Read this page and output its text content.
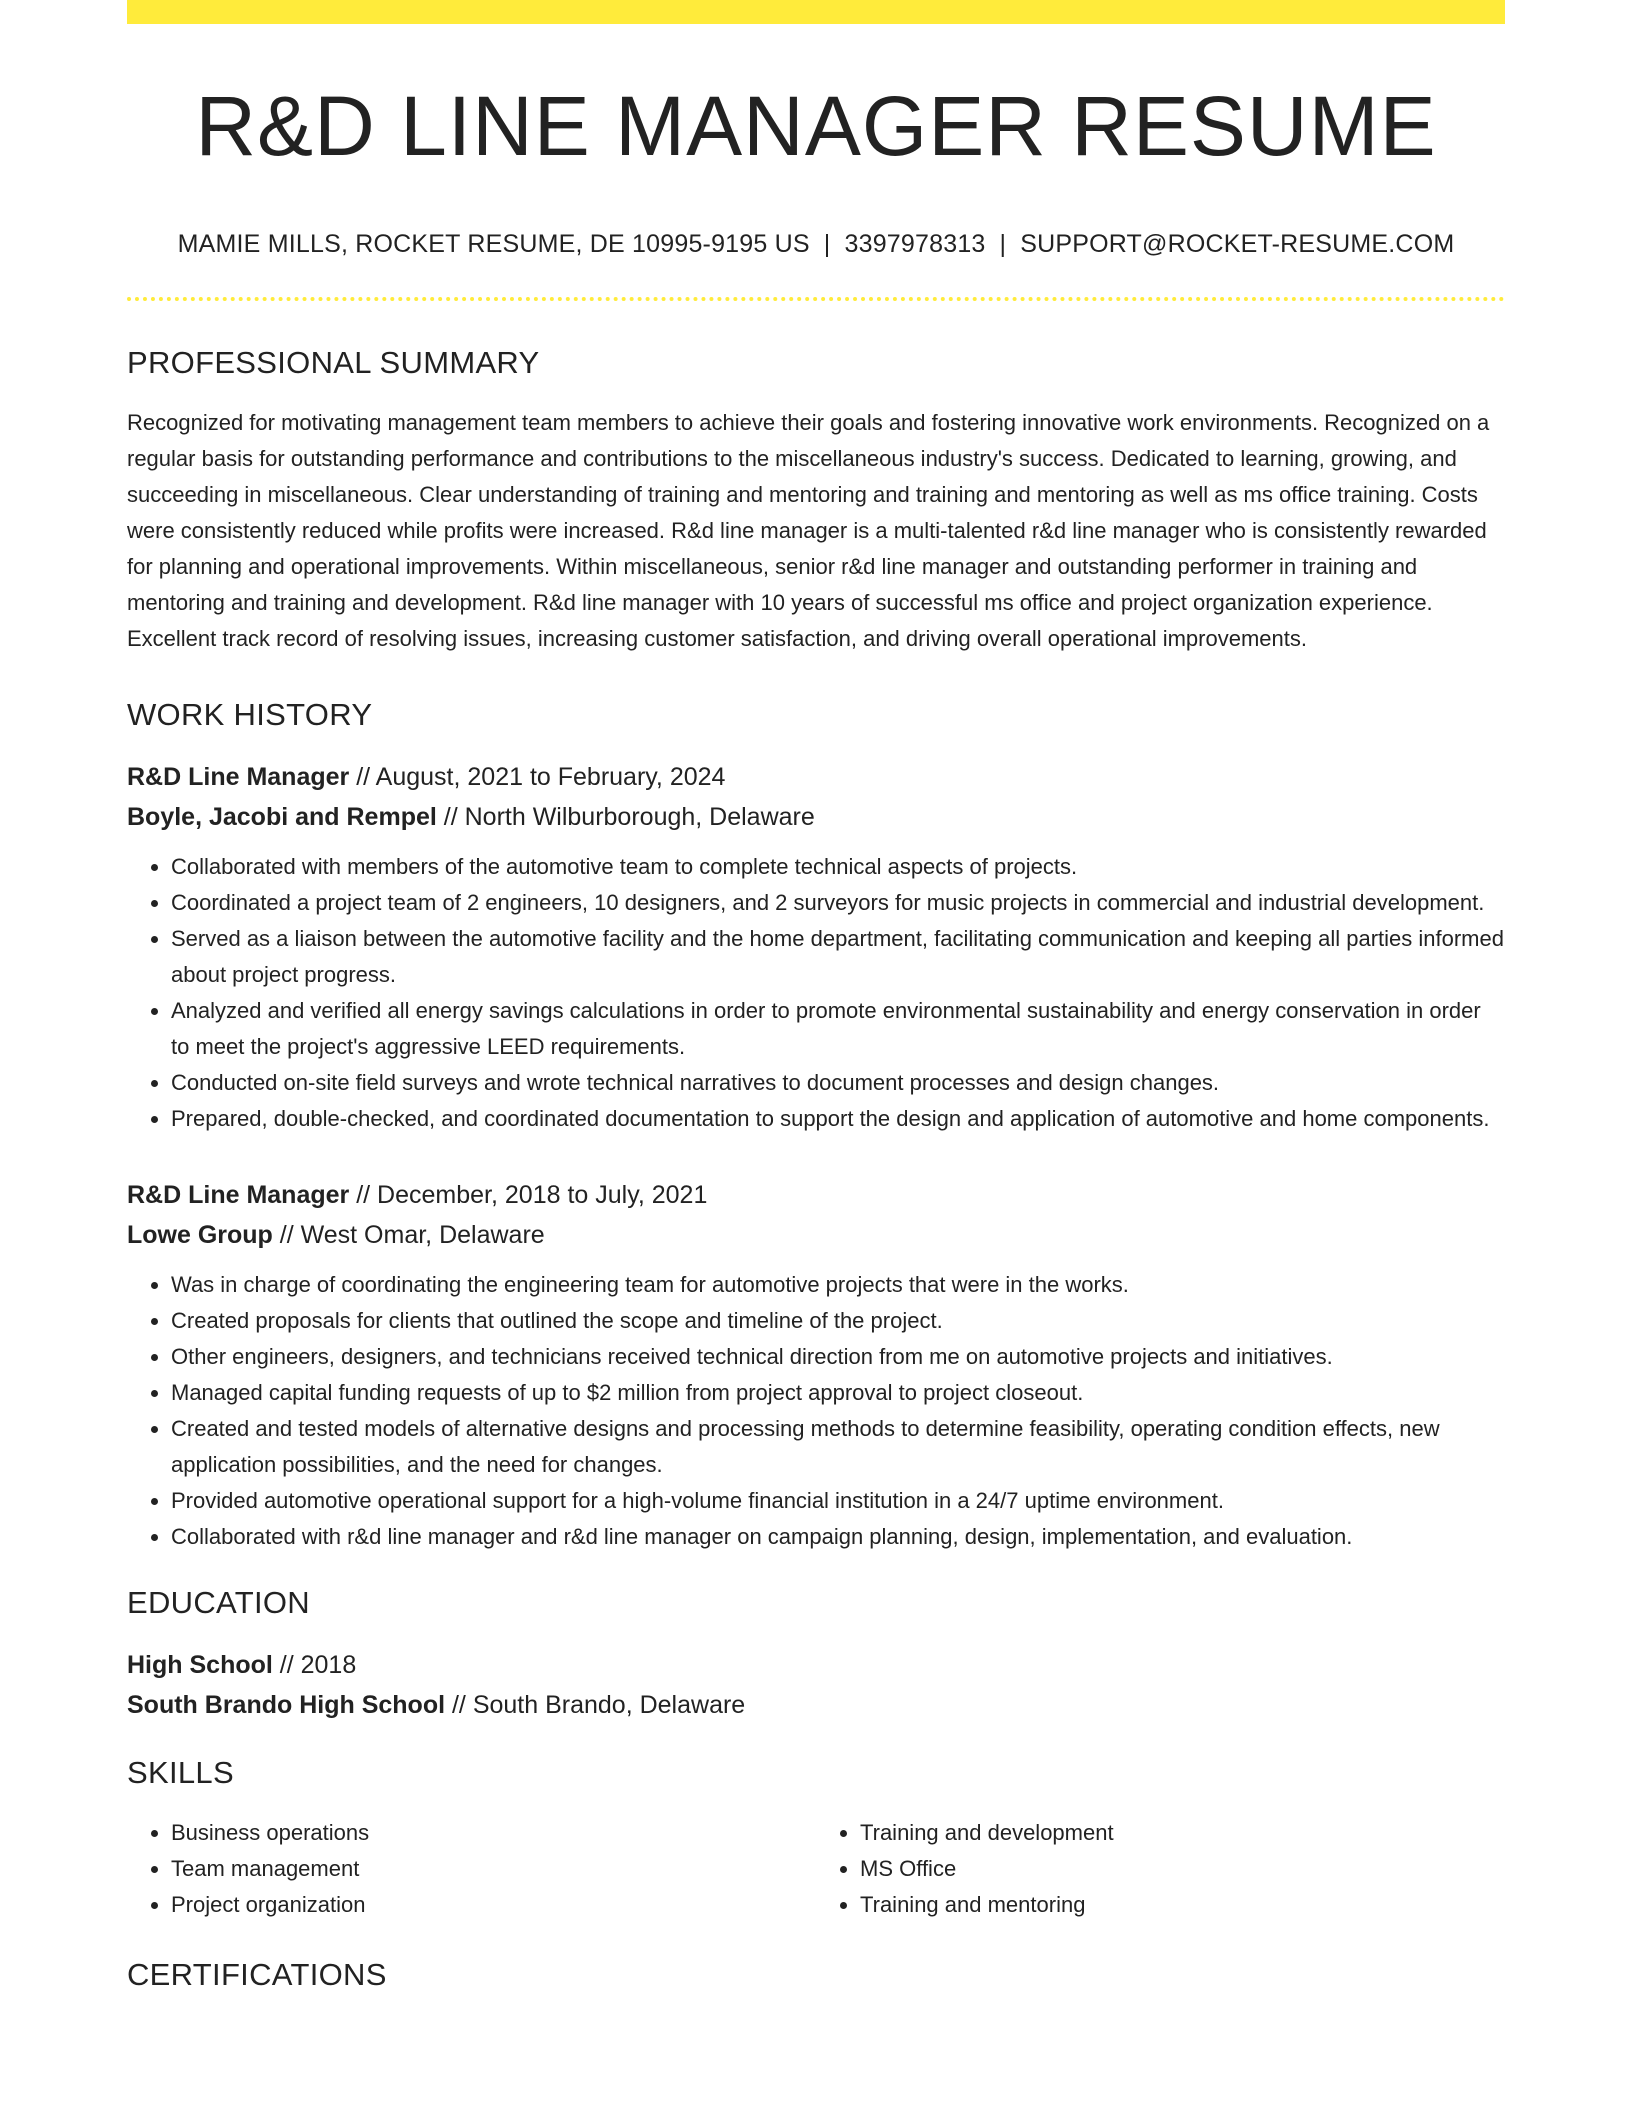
R&D LINE MANAGER RESUME
MAMIE MILLS, ROCKET RESUME, DE 10995-9195 US | 3397978313 | SUPPORT@ROCKET-RESUME.COM
PROFESSIONAL SUMMARY

Recognized for motivating management team members to achieve their goals and fostering innovative work environments. Recognized on a regular basis for outstanding performance and contributions to the miscellaneous industry's success. Dedicated to learning, growing, and succeeding in miscellaneous. Clear understanding of training and mentoring and training and mentoring as well as ms office training. Costs were consistently reduced while profits were increased. R&d line manager is a multi-talented r&d line manager who is consistently rewarded for planning and operational improvements. Within miscellaneous, senior r&d line manager and outstanding performer in training and mentoring and training and development. R&d line manager with 10 years of successful ms office and project organization experience. Excellent track record of resolving issues, increasing customer satisfaction, and driving overall operational improvements.

WORK HISTORY
R&D Line Manager // August, 2021 to February, 2024
Boyle, Jacobi and Rempel // North Wilburborough, Delaware
• Collaborated with members of the automotive team to complete technical aspects of projects.
• Coordinated a project team of 2 engineers, 10 designers, and 2 surveyors for music projects in commercial and industrial development.
• Served as a liaison between the automotive facility and the home department, facilitating communication and keeping all parties informed about project progress.
• Analyzed and verified all energy savings calculations in order to promote environmental sustainability and energy conservation in order to meet the project's aggressive LEED requirements.
• Conducted on-site field surveys and wrote technical narratives to document processes and design changes.
• Prepared, double-checked, and coordinated documentation to support the design and application of automotive and home components.
R&D Line Manager // December, 2018 to July, 2021
Lowe Group // West Omar, Delaware
• Was in charge of coordinating the engineering team for automotive projects that were in the works.
• Created proposals for clients that outlined the scope and timeline of the project.
• Other engineers, designers, and technicians received technical direction from me on automotive projects and initiatives.
• Managed capital funding requests of up to $2 million from project approval to project closeout.
• Created and tested models of alternative designs and processing methods to determine feasibility, operating condition effects, new application possibilities, and the need for changes.
• Provided automotive operational support for a high-volume financial institution in a 24/7 uptime environment.
• Collaborated with r&d line manager and r&d line manager on campaign planning, design, implementation, and evaluation.
EDUCATION
High School // 2018
South Brando High School // South Brando, Delaware
SKILLS
• Business operations
• Team management
• Project organization
• Training and development
• MS Office
• Training and mentoring
CERTIFICATIONS
